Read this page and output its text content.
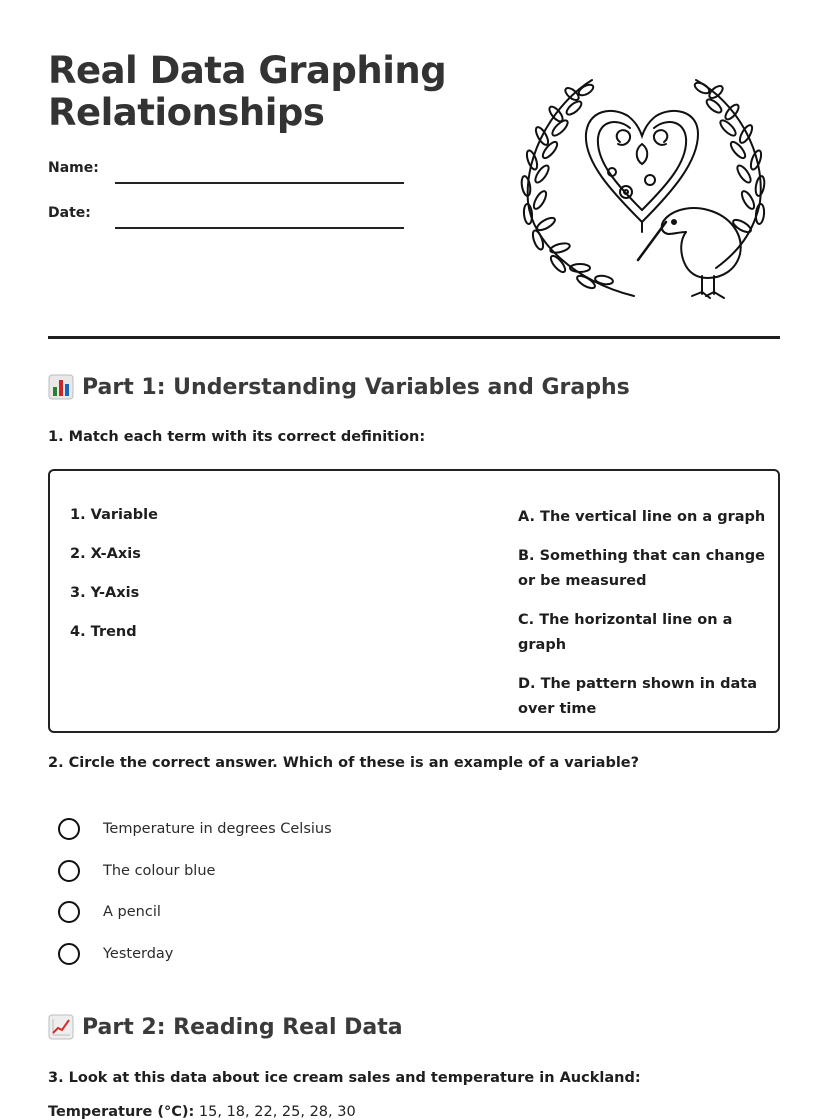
Real Data Graphing
Relationships
Name:
Date:
Part 1: Understanding Variables and Graphs
1. Match each term with its correct definition:
1. Variable
2. X-Axis
3. Y-Axis
4. Trend
A. The vertical line on a graph
B. Something that can change or be measured
C. The horizontal line on a graph
D. The pattern shown in data over time
2. Circle the correct answer. Which of these is an example of a variable?
Temperature in degrees Celsius
The colour blue
A pencil
Yesterday
Part 2: Reading Real Data
3. Look at this data about ice cream sales and temperature in Auckland:
Temperature (°C): 15, 18, 22, 25, 28, 30
